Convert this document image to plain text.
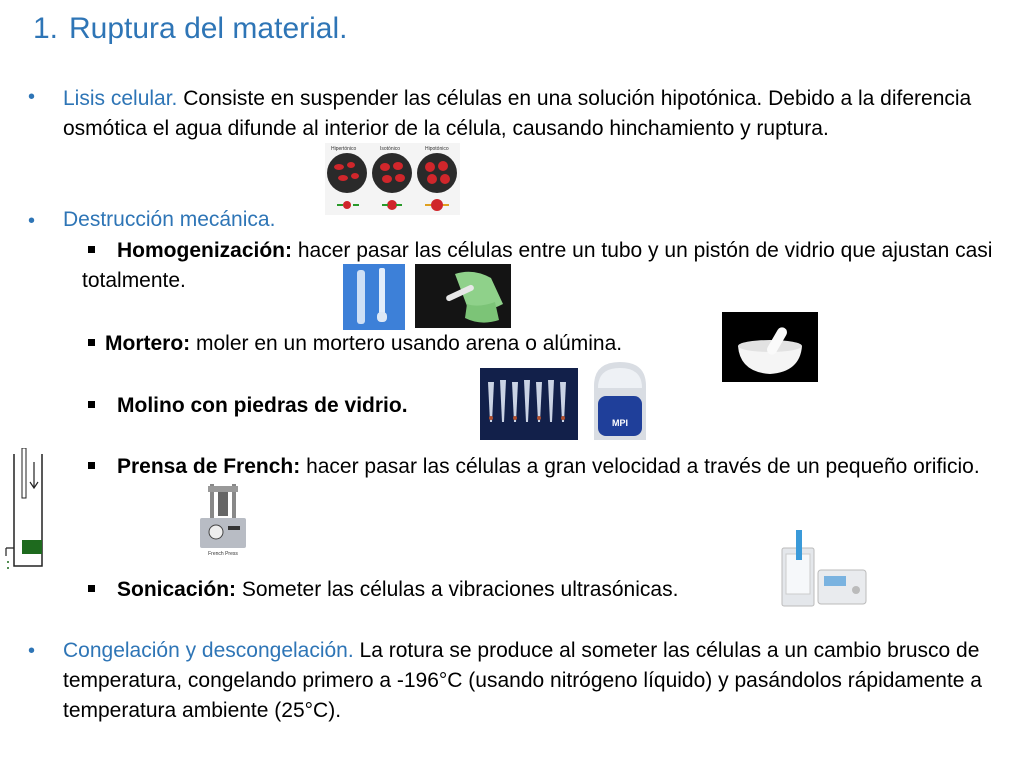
1. Ruptura del material.
• Lisis celular. Consiste en suspender las células en una solución hipotónica. Debido a la diferencia osmótica el agua difunde al interior de la célula, causando hinchamiento y ruptura.
Hipertónico	Isotónico	Hipotónico
• Destrucción mecánica.
Homogenización: hacer pasar las células entre un tubo y un pistón de vidrio que ajustan casi totalmente.
Mortero: moler en un mortero usando arena o alúmina.
Molino con piedras de vidrio.
MPI
Prensa de French: hacer pasar las células a gran velocidad a través de un pequeño orificio.
French Press
Sonicación: Someter las células a vibraciones ultrasónicas.
• Congelación y descongelación. La rotura se produce al someter las células a un cambio brusco de temperatura, congelando primero a -196°C (usando nitrógeno líquido) y pasándolos rápidamente a temperatura ambiente (25°C).
